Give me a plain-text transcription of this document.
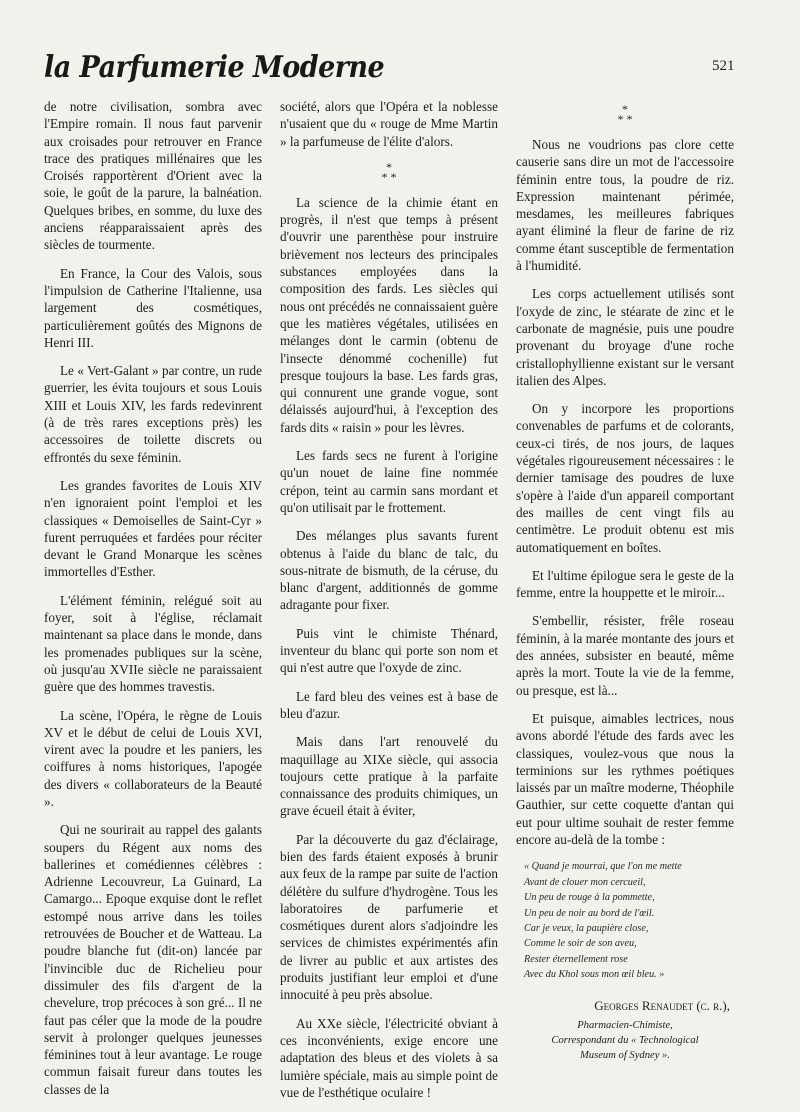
la Parfumerie Moderne	521

de notre civilisation, sombra avec l'Empire romain. Il nous faut parvenir aux croisades pour retrouver en France trace des pratiques millénaires que les Croisés rapportèrent d'Orient avec la soie, le goût de la parure, la balnéation. Quelques bribes, en somme, du luxe des anciens réapparaissaient après des siècles de tourmente.

En France, la Cour des Valois, sous l'impulsion de Catherine l'Italienne, usa largement des cosmétiques, particulièrement goûtés des Mignons de Henri III.

Le « Vert-Galant » par contre, un rude guerrier, les évita toujours et sous Louis XIII et Louis XIV, les fards redevinrent (à de très rares exceptions près) les accessoires de toilette discrets ou effrontés du sexe féminin.

Les grandes favorites de Louis XIV n'en ignoraient point l'emploi et les classiques « Demoiselles de Saint-Cyr » furent perruquées et fardées pour réciter devant le Grand Monarque les scènes immortelles d'Esther.

L'élément féminin, relégué soit au foyer, soit à l'église, réclamait maintenant sa place dans le monde, dans les promenades publiques sur la scène, où jusqu'au XVIIe siècle ne paraissaient guère que des hommes travestis.

La scène, l'Opéra, le règne de Louis XV et le début de celui de Louis XVI, virent avec la poudre et les paniers, les coiffures à noms historiques, l'apogée des divers « collaborateurs de la Beauté ».

Qui ne sourirait au rappel des galants soupers du Régent aux noms des ballerines et comédiennes célèbres : Adrienne Lecouvreur, La Guinard, La Camargo... Epoque exquise dont le reflet estompé nous arrive dans les toiles retrouvées de Boucher et de Watteau. La poudre blanche fut (dit-on) lancée par l'invincible duc de Richelieu pour dissimuler des fils d'argent de la chevelure, trop précoces à son gré... Il ne faut pas céler que la mode de la poudre servit à prolonger quelques jeunesses féminines tout à leur avantage. Le rouge commun faisait fureur dans toutes les classes de la

société, alors que l'Opéra et la noblesse n'usaient que du « rouge de Mme Martin » la parfumeuse de l'élite d'alors.

*
* *

La science de la chimie étant en progrès, il n'est que temps à présent d'ouvrir une parenthèse pour instruire brièvement nos lecteurs des principales substances employées dans la composition des fards. Les siècles qui nous ont précédés ne connaissaient guère que les matières végétales, utilisées en mélanges dont le carmin (obtenu de l'insecte dénommé cochenille) fut presque toujours la base. Les fards gras, qui connurent une grande vogue, sont délaissés aujourd'hui, à l'exception des fards dits « raisin » pour les lèvres.

Les fards secs ne furent à l'origine qu'un nouet de laine fine nommée crépon, teint au carmin sans mordant et qu'on utilisait par le frottement.

Des mélanges plus savants furent obtenus à l'aide du blanc de talc, du sous-nitrate de bismuth, de la céruse, du blanc d'argent, additionnés de gomme adragante pour fixer.

Puis vint le chimiste Thénard, inventeur du blanc qui porte son nom et qui n'est autre que l'oxyde de zinc.

Le fard bleu des veines est à base de bleu d'azur.

Mais dans l'art renouvelé du maquillage au XIXe siècle, qui associa toujours cette pratique à la parfaite connaissance des produits chimiques, un grave écueil était à éviter,

Par la découverte du gaz d'éclairage, bien des fards étaient exposés à brunir aux feux de la rampe par suite de l'action délétère du sulfure d'hydrogène. Tous les laboratoires de parfumerie et cosmétiques durent alors s'adjoindre les services de chimistes expérimentés afin de livrer au public et aux artistes des produits justifiant leur emploi et d'une innocuité à peu près absolue.

Au XXe siècle, l'électricité obviant à ces inconvénients, exige encore une adaptation des bleus et des violets à sa lumière spéciale, mais au simple point de vue de l'esthétique oculaire !

*
* *

Nous ne voudrions pas clore cette causerie sans dire un mot de l'accessoire féminin entre tous, la poudre de riz. Expression maintenant périmée, mesdames, les meilleures fabriques ayant éliminé la fleur de farine de riz comme étant susceptible de fermentation à l'humidité.

Les corps actuellement utilisés sont l'oxyde de zinc, le stéarate de zinc et le carbonate de magnésie, puis une poudre provenant du broyage d'une roche cristallophyllienne existant sur le versant italien des Alpes.

On y incorpore les proportions convenables de parfums et de colorants, ceux-ci tirés, de nos jours, de laques végétales rigoureusement nécessaires : le dernier tamisage des poudres de luxe s'opère à l'aide d'un appareil comportant des mailles de cent vingt fils au centimètre. Le produit obtenu est mis automatiquement en boîtes.

Et l'ultime épilogue sera le geste de la femme, entre la houppette et le miroir...

S'embellir, résister, frêle roseau féminin, à la marée montante des jours et des années, subsister en beauté, même après la mort. Toute la vie de la femme, ou presque, est là...

Et puisque, aimables lectrices, nous avons abordé l'étude des fards avec les classiques, voulez-vous que nous la terminions sur les rythmes poétiques laissés par un maître moderne, Théophile Gauthier, sur cette coquette d'antan qui eut pour ultime souhait de rester femme encore au-delà de la tombe :

« Quand je mourrai, que l'on me mette
Avant de clouer mon cercueil,
Un peu de rouge à la pommette,
Un peu de noir au bord de l'œil.
Car je veux, la paupière close,
Comme le soir de son aveu,
Rester éternellement rose
Avec du Khol sous mon œil bleu. »
Georges Renaudet (c. r.),
Pharmacien-Chimiste,
Correspondant du « Technological
Museum of Sydney ».
